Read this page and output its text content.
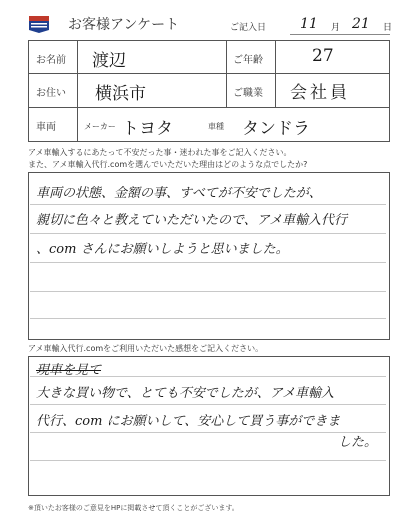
お客様アンケート	ご記入日 11 月 21 日
お名前 渡辺	ご年齢	27
お住い 横浜市	ご職業 会社員
車両	メーカー トヨタ	車種 タンドラ
アメ車輸入するにあたって不安だった事・迷われた事をご記入ください。
また、アメ車輸入代行.comを選んでいただいた理由はどのような点でしたか?
車両の状態、金額の事、すべてが不安でしたが、
親切に色々と教えていただいたので、アメ車輸入代行
、com さんにお願いしようと思いました。
アメ車輸入代行.comをご利用いただいた感想をご記入ください。
現車を見て
大きな買い物で、とても不安でしたが、アメ車輸入
代行、com にお願いして、安心して買う事ができま
した。
※頂いたお客様のご意見をHPに掲載させて頂くことがございます。
